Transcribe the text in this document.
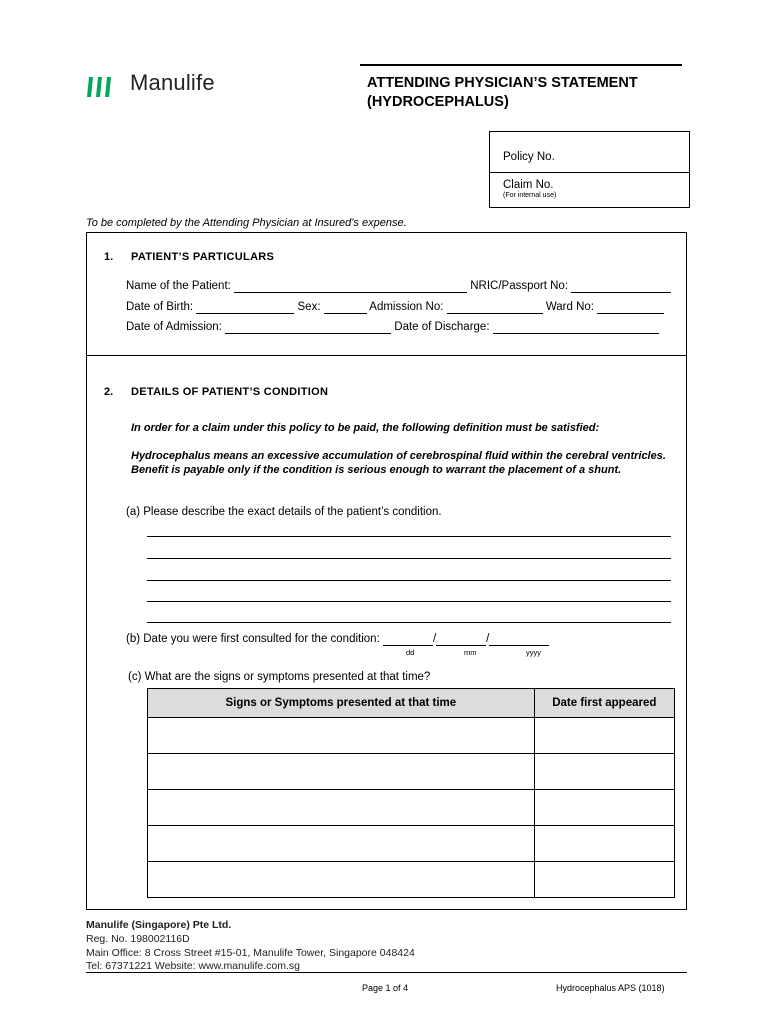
Manulife	ATTENDING PHYSICIAN’S STATEMENT
(HYDROCEPHALUS)
Policy No.
Claim No.
(For internal use)
To be completed by the Attending Physician at Insured’s expense.
1. PATIENT’S PARTICULARS
Name of the Patient:	NRIC/Passport No:
Date of Birth:	Sex:	Admission No:	Ward No:
Date of Admission:	Date of Discharge:
2. DETAILS OF PATIENT’S CONDITION
In order for a claim under this policy to be paid, the following definition must be satisfied:
Hydrocephalus means an excessive accumulation of cerebrospinal fluid within the cerebral ventricles. Benefit is payable only if the condition is serious enough to warrant the placement of a shunt.
(a) Please describe the exact details of the patient’s condition.
(b) Date you were first consulted for the condition:	/	/
dd	mm	yyyy
(c) What are the signs or symptoms presented at that time?
Signs or Symptoms presented at that time	Date first appeared

Manulife (Singapore) Pte Ltd.
Reg. No. 198002116D
Main Office: 8 Cross Street #15-01, Manulife Tower, Singapore 048424
Tel: 67371221 Website: www.manulife.com.sg
Page 1 of 4	Hydrocephalus APS (1018)
